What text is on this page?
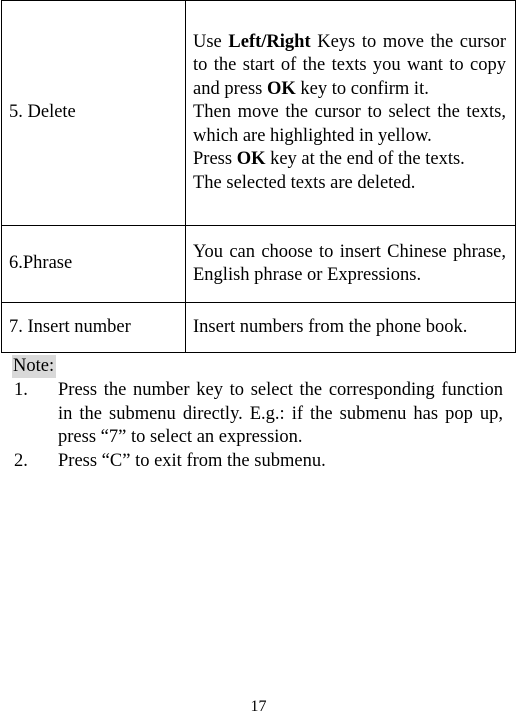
5. Delete	Use Left/Right Keys to move the cursor to the start of the texts you want to copy and press OK key to confirm it.
Then move the cursor to select the texts, which are highlighted in yellow.
Press OK key at the end of the texts.
The selected texts are deleted.

6.Phrase	You can choose to insert Chinese phrase, English phrase or Expressions.

7. Insert number	Insert numbers from the phone book.
Note:
1. Press the number key to select the corresponding function in the submenu directly. E.g.: if the submenu has pop up, press “7” to select an expression.
2. Press “C” to exit from the submenu.
17
